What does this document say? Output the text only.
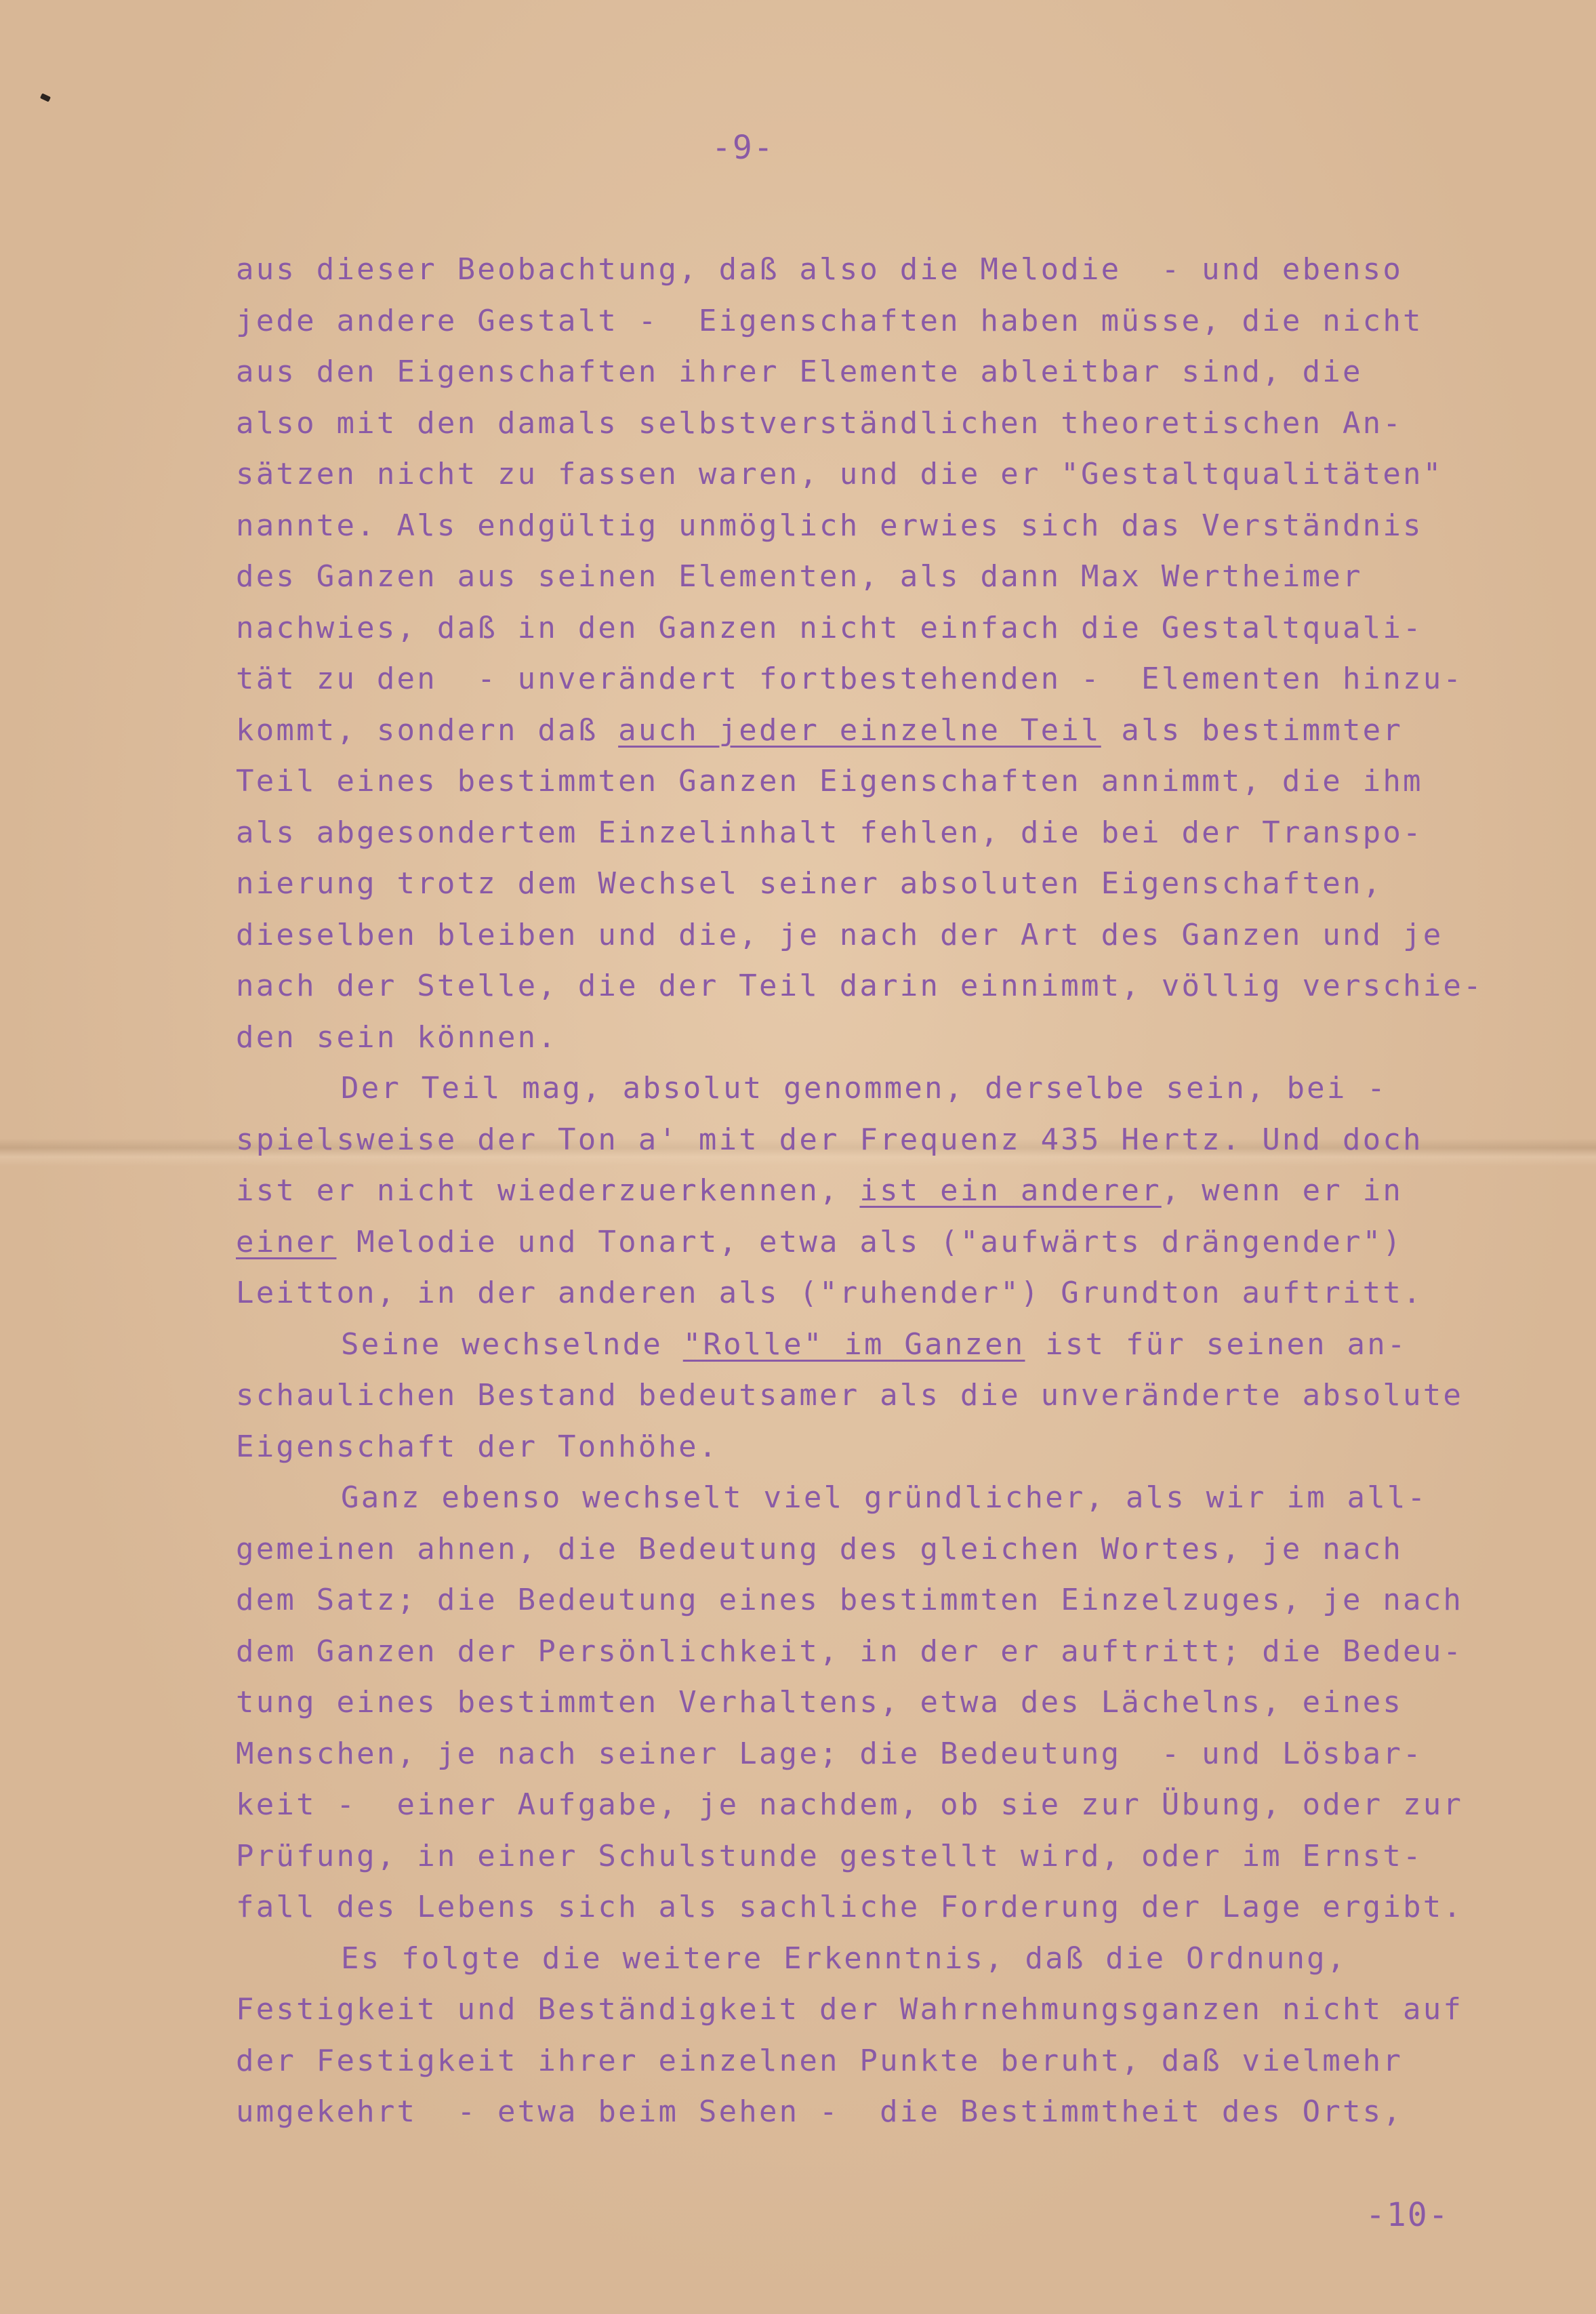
-9-
aus dieser Beobachtung, daß also die Melodie  - und ebenso
jede andere Gestalt -  Eigenschaften haben müsse, die nicht
aus den Eigenschaften ihrer Elemente ableitbar sind, die
also mit den damals selbstverständlichen theoretischen An-
sätzen nicht zu fassen waren, und die er "Gestaltqualitäten"
nannte. Als endgültig unmöglich erwies sich das Verständnis
des Ganzen aus seinen Elementen, als dann Max Wertheimer
nachwies, daß in den Ganzen nicht einfach die Gestaltquali-
tät zu den  - unverändert fortbestehenden -  Elementen hinzu-
kommt, sondern daß auch jeder einzelne Teil als bestimmter
Teil eines bestimmten Ganzen Eigenschaften annimmt, die ihm
als abgesondertem Einzelinhalt fehlen, die bei der Transpo-
nierung trotz dem Wechsel seiner absoluten Eigenschaften,
dieselben bleiben und die, je nach der Art des Ganzen und je
nach der Stelle, die der Teil darin einnimmt, völlig verschie-
den sein können.
Der Teil mag, absolut genommen, derselbe sein, bei -
spielsweise der Ton a' mit der Frequenz 435 Hertz. Und doch
ist er nicht wiederzuerkennen, ist ein anderer, wenn er in
einer Melodie und Tonart, etwa als ("aufwärts drängender")
Leitton, in der anderen als ("ruhender") Grundton auftritt.
Seine wechselnde "Rolle" im Ganzen ist für seinen an-
schaulichen Bestand bedeutsamer als die unveränderte absolute
Eigenschaft der Tonhöhe.
Ganz ebenso wechselt viel gründlicher, als wir im all-
gemeinen ahnen, die Bedeutung des gleichen Wortes, je nach
dem Satz; die Bedeutung eines bestimmten Einzelzuges, je nach
dem Ganzen der Persönlichkeit, in der er auftritt; die Bedeu-
tung eines bestimmten Verhaltens, etwa des Lächelns, eines
Menschen, je nach seiner Lage; die Bedeutung  - und Lösbar-
keit -  einer Aufgabe, je nachdem, ob sie zur Übung, oder zur
Prüfung, in einer Schulstunde gestellt wird, oder im Ernst-
fall des Lebens sich als sachliche Forderung der Lage ergibt.
Es folgte die weitere Erkenntnis, daß die Ordnung,
Festigkeit und Beständigkeit der Wahrnehmungsganzen nicht auf
der Festigkeit ihrer einzelnen Punkte beruht, daß vielmehr
umgekehrt  - etwa beim Sehen -  die Bestimmtheit des Orts,
-10-
